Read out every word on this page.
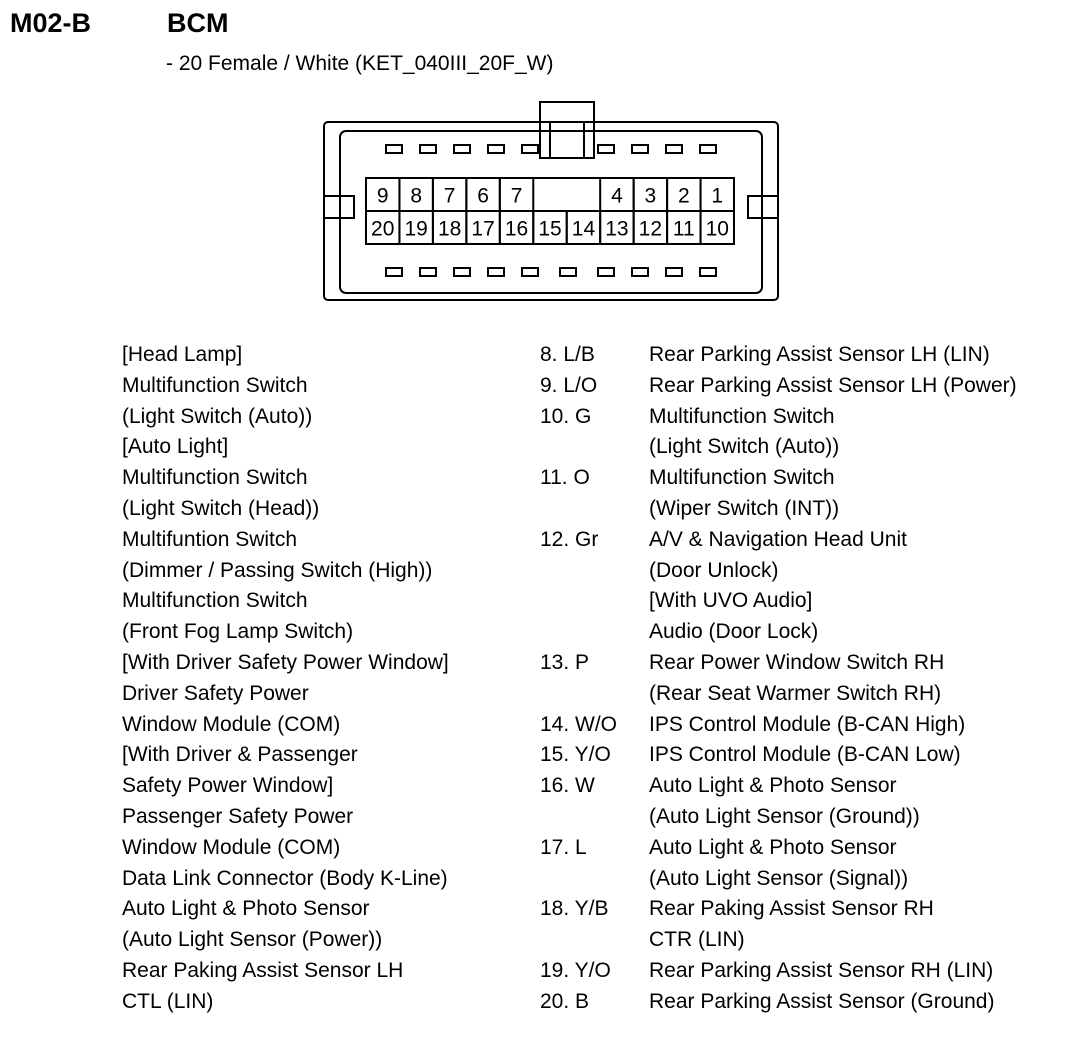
M02-B	BCM
- 20 Female / White (KET_040III_20F_W)
9 8 7 6 7	4 3 2 1
20 19 18 17 16 15 14 13 12 11 10
[Head Lamp]
Multifunction Switch
(Light Switch (Auto))
[Auto Light]
Multifunction Switch
(Light Switch (Head))
Multifuntion Switch
(Dimmer / Passing Switch (High))
Multifunction Switch
(Front Fog Lamp Switch)
[With Driver Safety Power Window]
Driver Safety Power
Window Module (COM)
[With Driver & Passenger
Safety Power Window]
Passenger Safety Power
Window Module (COM)
Data Link Connector (Body K-Line)
Auto Light & Photo Sensor
(Auto Light Sensor (Power))
Rear Paking Assist Sensor LH
CTL (LIN)
8. L/B
9. L/O
10. G
11. O
12. Gr
13. P
14. W/O
15. Y/O
16. W
17. L
18. Y/B
19. Y/O
20. B
Rear Parking Assist Sensor LH (LIN)
Rear Parking Assist Sensor LH (Power)
Multifunction Switch
(Light Switch (Auto))
Multifunction Switch
(Wiper Switch (INT))
A/V & Navigation Head Unit
(Door Unlock)
[With UVO Audio]
Audio (Door Lock)
Rear Power Window Switch RH
(Rear Seat Warmer Switch RH)
IPS Control Module (B-CAN High)
IPS Control Module (B-CAN Low)
Auto Light & Photo Sensor
(Auto Light Sensor (Ground))
Auto Light & Photo Sensor
(Auto Light Sensor (Signal))
Rear Paking Assist Sensor RH
CTR (LIN)
Rear Parking Assist Sensor RH (LIN)
Rear Parking Assist Sensor (Ground)
